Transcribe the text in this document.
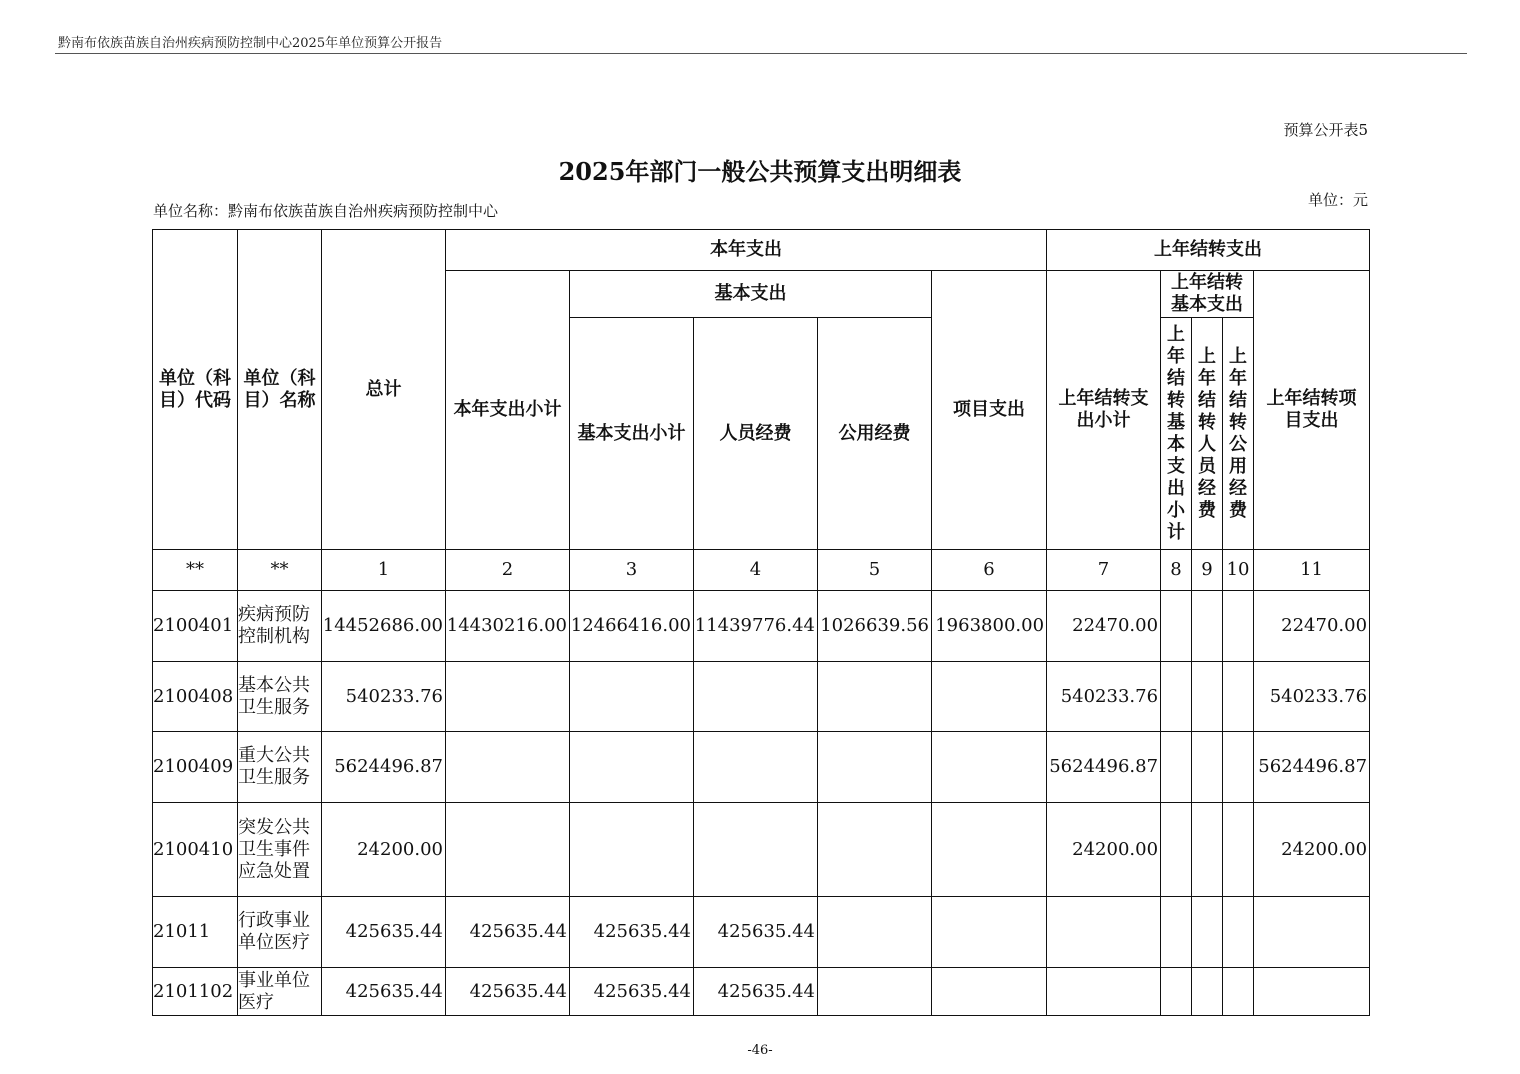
黔南布依族苗族自治州疾病预防控制中心2025年单位预算公开报告
预算公开表5
2025年部门一般公共预算支出明细表
单位名称：黔南布依族苗族自治州疾病预防控制中心
单位：元
单位（科目）代码	单位（科目）名称	总计	本年支出					上年结转支出				
			本年支出小计	基本支出			项目支出	上年结转支出小计	上年结转基本支出			上年结转项目支出

				基本支出小计	人员经费	公用经费			上年结转基本支出小计	上年结转人员经费	上年结转公用经费	

**	**	1	2	3	4	5	6	7	8	9	10	11
2100401	疾病预防控制机构	14452686.00	14430216.00	12466416.00	11439776.44	1026639.56	1963800.00	22470.00				22470.00
2100408	基本公共卫生服务	540233.76						540233.76				540233.76
2100409	重大公共卫生服务	5624496.87						5624496.87				5624496.87
2100410	突发公共卫生事件应急处置	24200.00						24200.00				24200.00
21011	行政事业单位医疗	425635.44	425635.44	425635.44	425635.44							
2101102	事业单位医疗	425635.44	425635.44	425635.44	425635.44							
-46-
